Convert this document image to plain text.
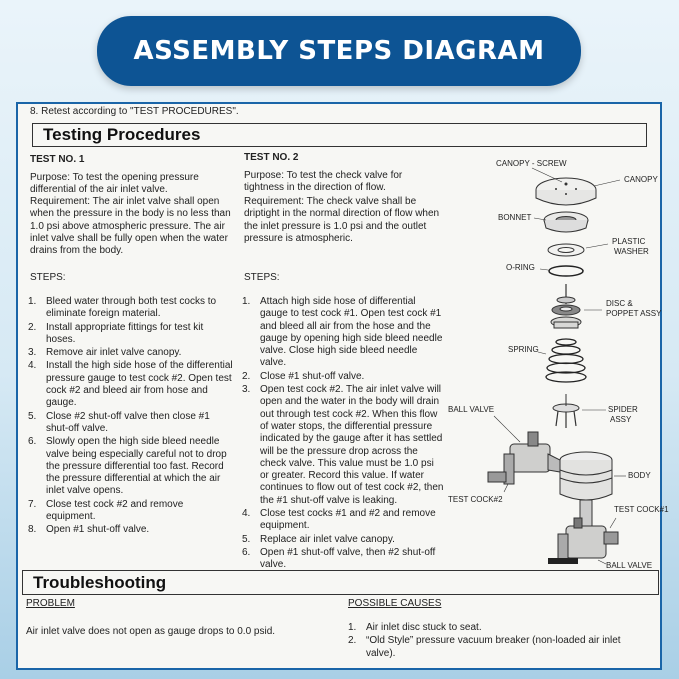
ASSEMBLY STEPS DIAGRAM
8. Retest according to "TEST PROCEDURES".
Testing Procedures
TEST NO. 1

Purpose: To test the opening pressure differential of the air inlet valve.

Requirement: The air inlet valve shall open when the pressure in the body is no less than 1.0 psi above atmospheric pressure. The air inlet valve shall be fully open when the water drains from the body.

STEPS:
1. Bleed water through both test cocks to eliminate foreign material.
2. Install appropriate fittings for test kit hoses.
3. Remove air inlet valve canopy.
4. Install the high side hose of the differential pressure gauge to test cock #2. Open test cock #2 and bleed air from hose and gauge.
5. Close #2 shut-off valve then close #1 shut-off valve.
6. Slowly open the high side bleed needle valve being especially careful not to drop the pressure differential too fast. Record the pressure differential at which the air inlet valve opens.
7. Close test cock #2 and remove equipment.
8. Open #1 shut-off valve.
TEST NO. 2

Purpose: To test the check valve for tightness in the direction of flow.

Requirement: The check valve shall be driptight in the normal direction of flow when the inlet pressure is 1.0 psi and the outlet pressure is atmospheric.

STEPS:
1. Attach high side hose of differential gauge to test cock #1. Open test cock #1 and bleed all air from the hose and the gauge by opening high side bleed needle valve. Close high side bleed needle valve.
2. Close #1 shut-off valve.
3. Open test cock #2. The air inlet valve will open and the water in the body will drain out through test cock #2. When this flow of water stops, the differential pressure indicated by the gauge after it has settled will be the pressure drop across the check valve. This value must be 1.0 psi or greater. Record this value. If water continues to flow out of test cock #2, then the #1 shut-off valve is leaking.
4. Close test cocks #1 and #2 and remove equipment.
5. Replace air inlet valve canopy.
6. Open #1 shut-off valve, then #2 shut-off valve.
CANOPY - SCREW
CANOPY
BONNET
PLASTIC
WASHER
O-RING
DISC &
POPPET ASSY
SPRING
SPIDER
ASSY
BODY
BALL VALVE
TEST COCK#2
TEST COCK#1
BALL VALVE
Troubleshooting
PROBLEM	POSSIBLE CAUSES
Air inlet valve does not open as gauge drops to 0.0 psid.	1. Air inlet disc stuck to seat.
2. “Old Style” pressure vacuum breaker (non-loaded air inlet valve).
